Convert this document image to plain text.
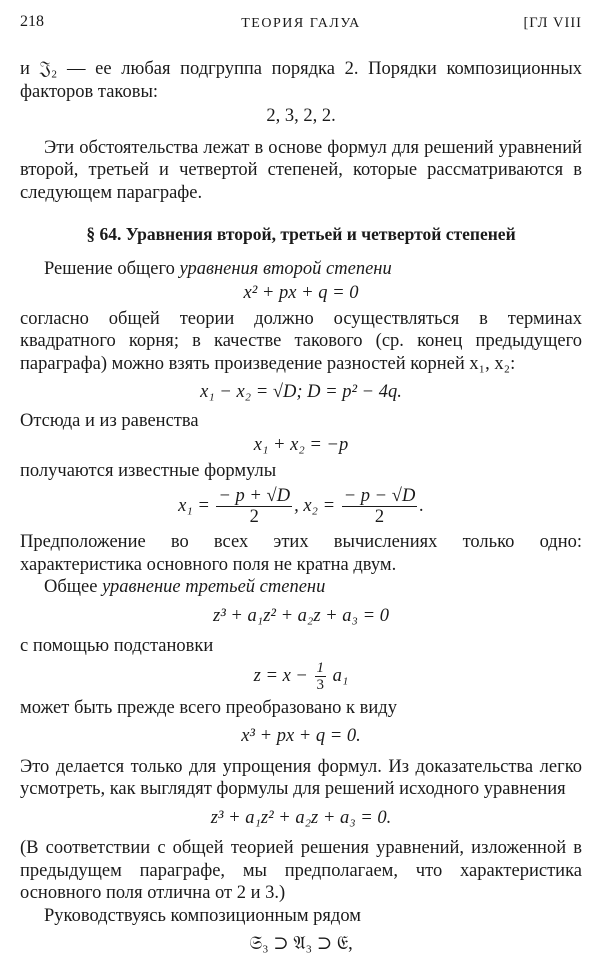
218	ТЕОРИЯ ГАЛУА	[ГЛ VIII

и 𝔍₂ — ее любая подгруппа порядка 2. Порядки композиционных факторов таковы:

2, 3, 2, 2.

Эти обстоятельства лежат в основе формул для решений уравнений второй, третьей и четвертой степеней, которые рассматриваются в следующем параграфе.

§ 64. Уравнения второй, третьей и четвертой степеней

Решение общего уравнения второй степени

x² + px + q = 0

согласно общей теории должно осуществляться в терминах квадратного корня; в качестве такового (ср. конец предыдущего параграфа) можно взять произведение разностей корней x₁, x₂:

x₁ − x₂ = √D; D = p² − 4q.

Отсюда и из равенства

x₁ + x₂ = −p

получаются известные формулы

$x_1 = \frac{- p + √D}{2}$ , $x_2 = \frac{- p - √D}{2}$ .

Предположение во всех этих вычислениях только одно: характеристика основного поля не кратна двум.

Общее уравнение третьей степени

z³ + a₁z² + a₂z + a₃ = 0

с помощью подстановки

$z = x - \frac{1}{3} a_1$

может быть прежде всего преобразовано к виду

x³ + px + q = 0.

Это делается только для упрощения формул. Из доказательства легко усмотреть, как выглядят формулы для решений исходного уравнения

z³ + a₁z² + a₂z + a₃ = 0.

(В соответствии с общей теорией решения уравнений, изложенной в предыдущем параграфе, мы предполагаем, что характеристика основного поля отлична от 2 и 3.)

Руководствуясь композиционным рядом

𝔖₃ ⊃ 𝔄₃ ⊃ 𝔈,
